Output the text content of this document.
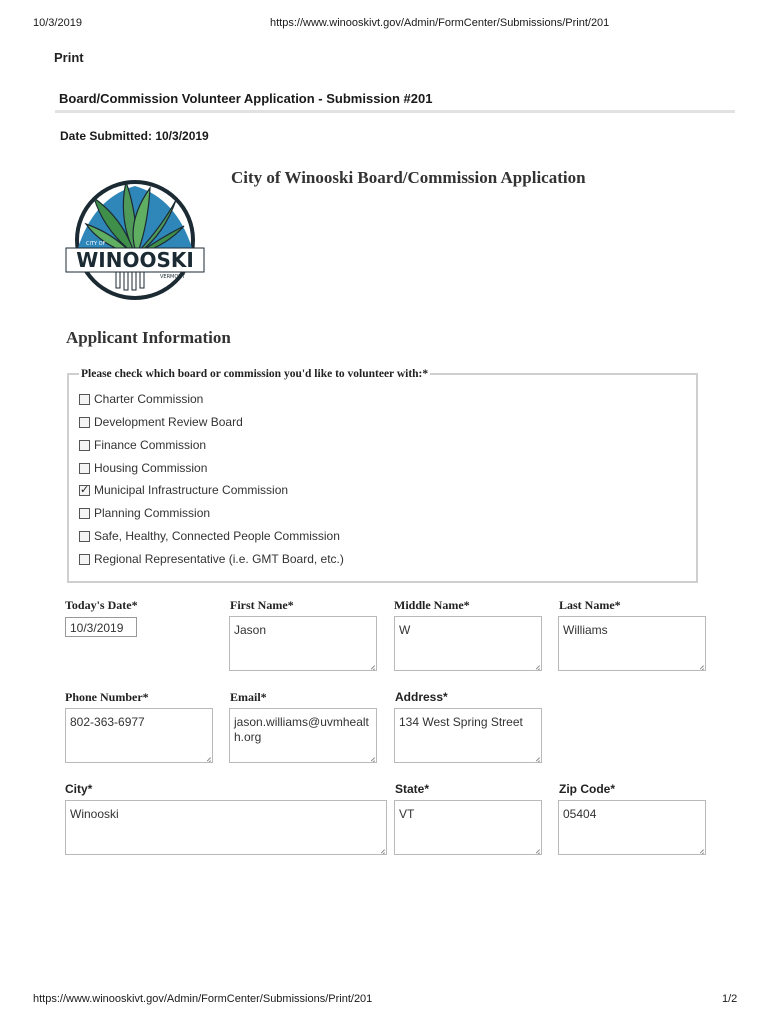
10/3/2019	https://www.winooskivt.gov/Admin/FormCenter/Submissions/Print/201
Print
Board/Commission Volunteer Application - Submission #201
Date Submitted: 10/3/2019
WINOOSKI
CITY OF
VERMONT
City of Winooski Board/Commission Application
Applicant Information
Please check which board or commission you'd like to volunteer with:*
Charter Commission
Development Review Board
Finance Commission
Housing Commission
✓
Municipal Infrastructure Commission
Planning Commission
Safe, Healthy, Connected People Commission
Regional Representative (i.e. GMT Board, etc.)
Today's Date*
10/3/2019
First Name*
Jason
Middle Name*
W
Last Name*
Williams
Phone Number*
802-363-6977
Email*
jason.williams@uvmhealth.org
Address*
134 West Spring Street
City*
Winooski
State*
VT
Zip Code*
05404
https://www.winooskivt.gov/Admin/FormCenter/Submissions/Print/201	1/2
